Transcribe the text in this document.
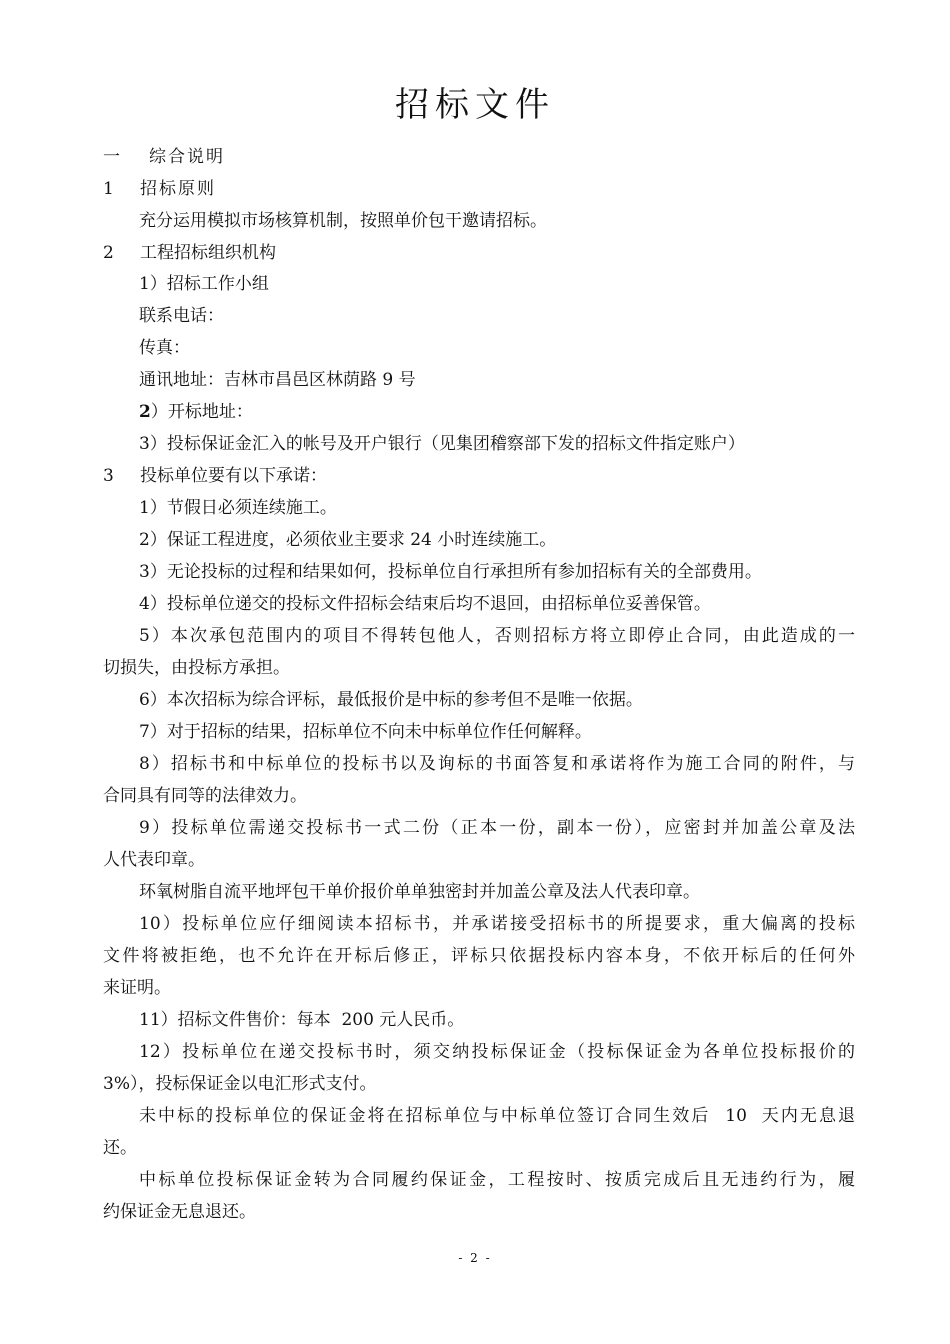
招标文件
一 综合说明
1 招标原则
充分运用模拟市场核算机制，按照单价包干邀请招标。
2 工程招标组织机构
1）招标工作小组
联系电话：
传真：
通讯地址：吉林市昌邑区林荫路 9 号
2）开标地址：
3）投标保证金汇入的帐号及开户银行（见集团稽察部下发的招标文件指定账户）
3 投标单位要有以下承诺：
1）节假日必须连续施工。
2）保证工程进度，必须依业主要求 24 小时连续施工。
3）无论投标的过程和结果如何，投标单位自行承担所有参加招标有关的全部费用。
4）投标单位递交的投标文件招标会结束后均不退回，由招标单位妥善保管。
5）本次承包范围内的项目不得转包他人，否则招标方将立即停止合同，由此造成的一
切损失，由投标方承担。
6）本次招标为综合评标，最低报价是中标的参考但不是唯一依据。
7）对于招标的结果，招标单位不向未中标单位作任何解释。
8）招标书和中标单位的投标书以及询标的书面答复和承诺将作为施工合同的附件，与
合同具有同等的法律效力。
9）投标单位需递交投标书一式二份（正本一份，副本一份），应密封并加盖公章及法
人代表印章。
环氧树脂自流平地坪包干单价报价单单独密封并加盖公章及法人代表印章。
10）投标单位应仔细阅读本招标书，并承诺接受招标书的所提要求，重大偏离的投标
文件将被拒绝，也不允许在开标后修正，评标只依据投标内容本身，不依开标后的任何外
来证明。
11）招标文件售价：每本  200 元人民币。
12）投标单位在递交投标书时，须交纳投标保证金（投标保证金为各单位投标报价的
3%），投标保证金以电汇形式支付。
未中标的投标单位的保证金将在招标单位与中标单位签订合同生效后  10  天内无息退
还。
中标单位投标保证金转为合同履约保证金，工程按时、按质完成后且无违约行为，履
约保证金无息退还。
- 2 -
